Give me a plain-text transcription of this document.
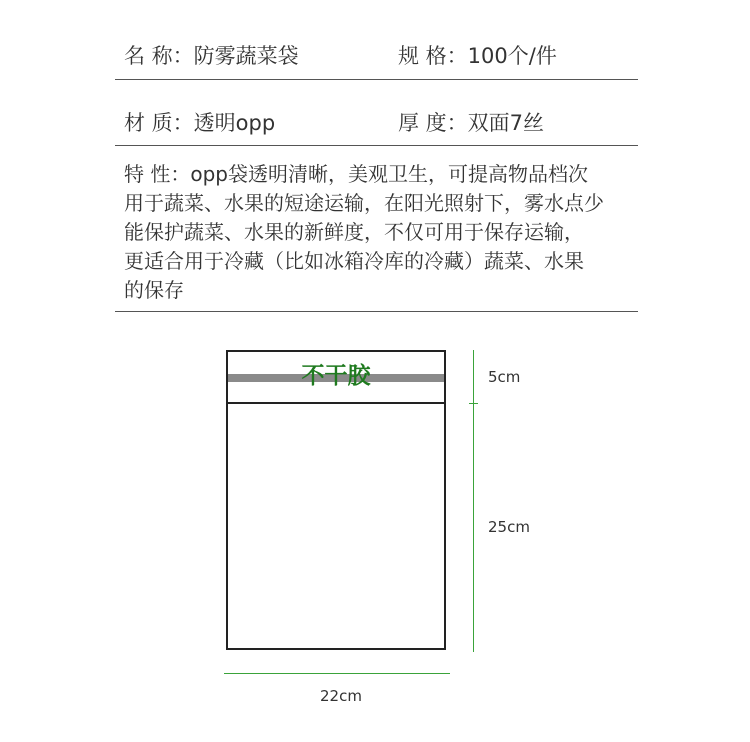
名 称：防雾蔬菜袋	规 格：100个/件
材 质：透明opp	厚 度：双面7丝
特 性：opp袋透明清晰，美观卫生，可提高物品档次
用于蔬菜、水果的短途运输，在阳光照射下，雾水点少
能保护蔬菜、水果的新鲜度，不仅可用于保存运输，
更适合用于冷藏（比如冰箱冷库的冷藏）蔬菜、水果
的保存
不干胶	5cm
25cm
22cm
